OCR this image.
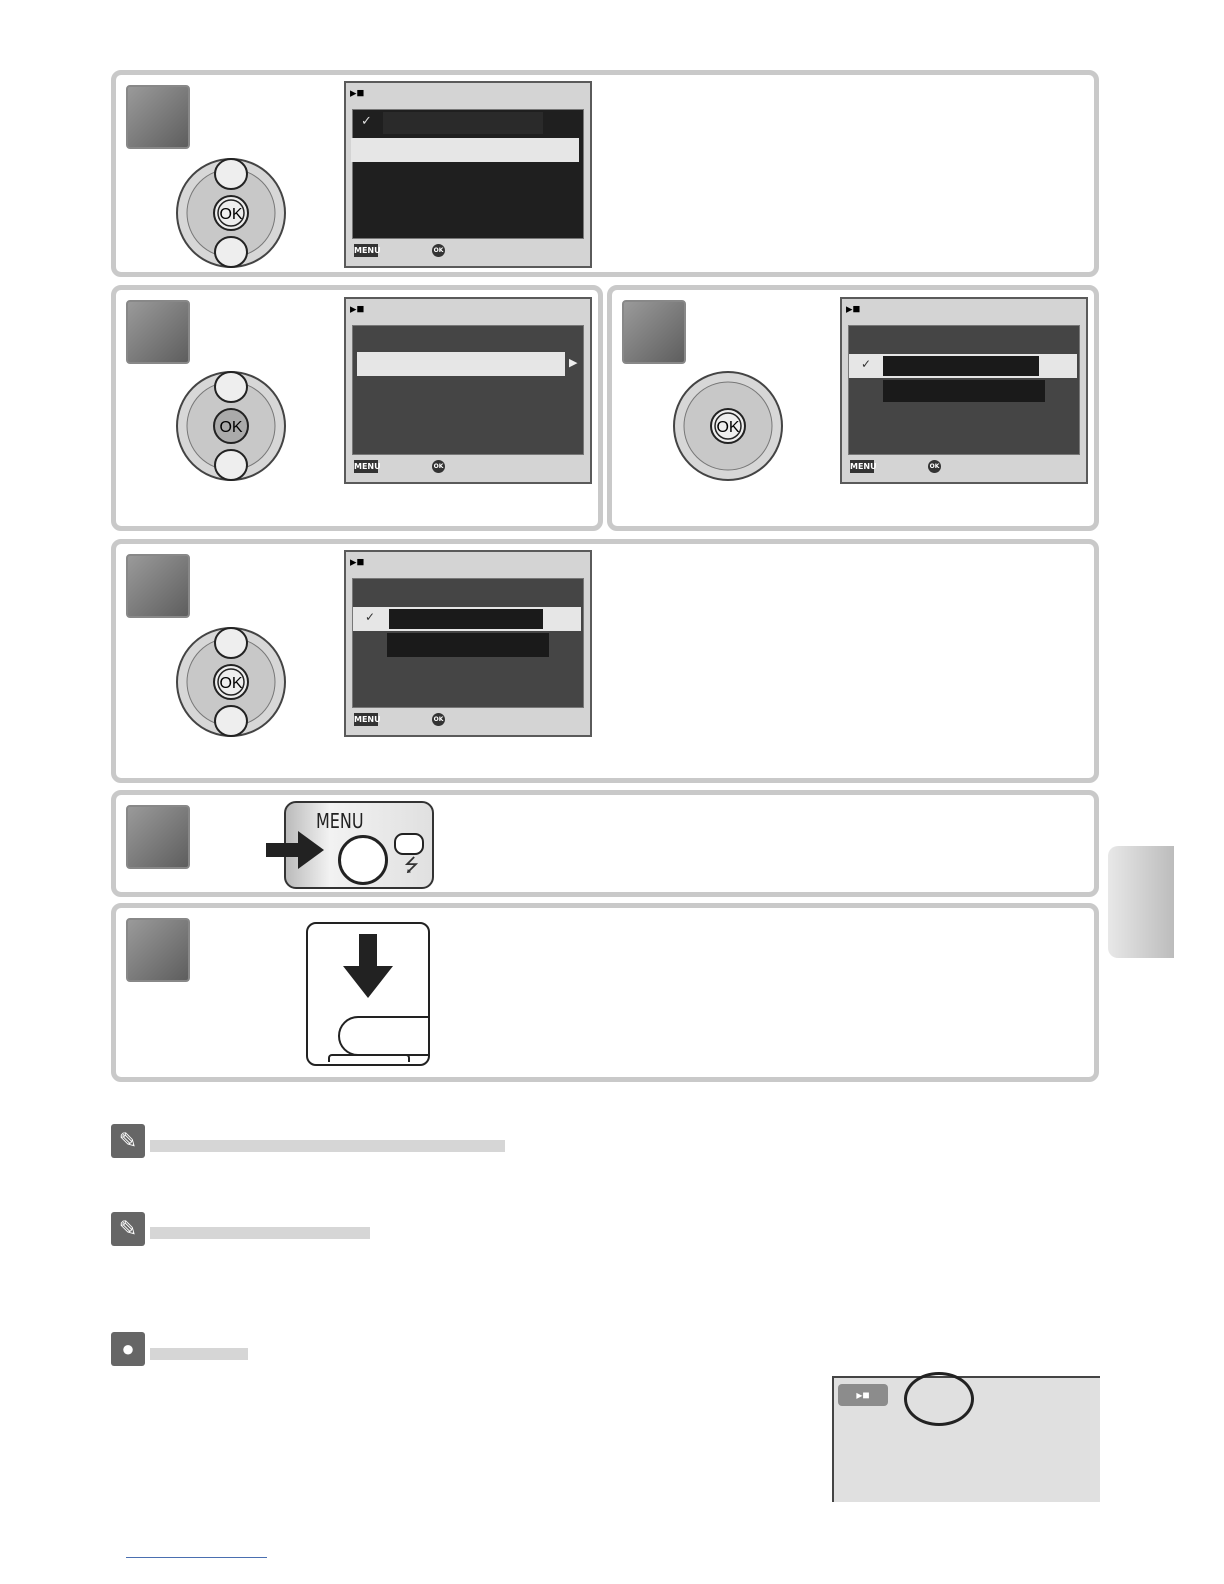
OK
▸■
✓
MENU	OK
OK
▸■
▶
MENU	OK
OK
▸■
✓
MENU	OK
OK
▸■
✓
MENU	OK
MENU
⭍
✎
✎
●
▸■
